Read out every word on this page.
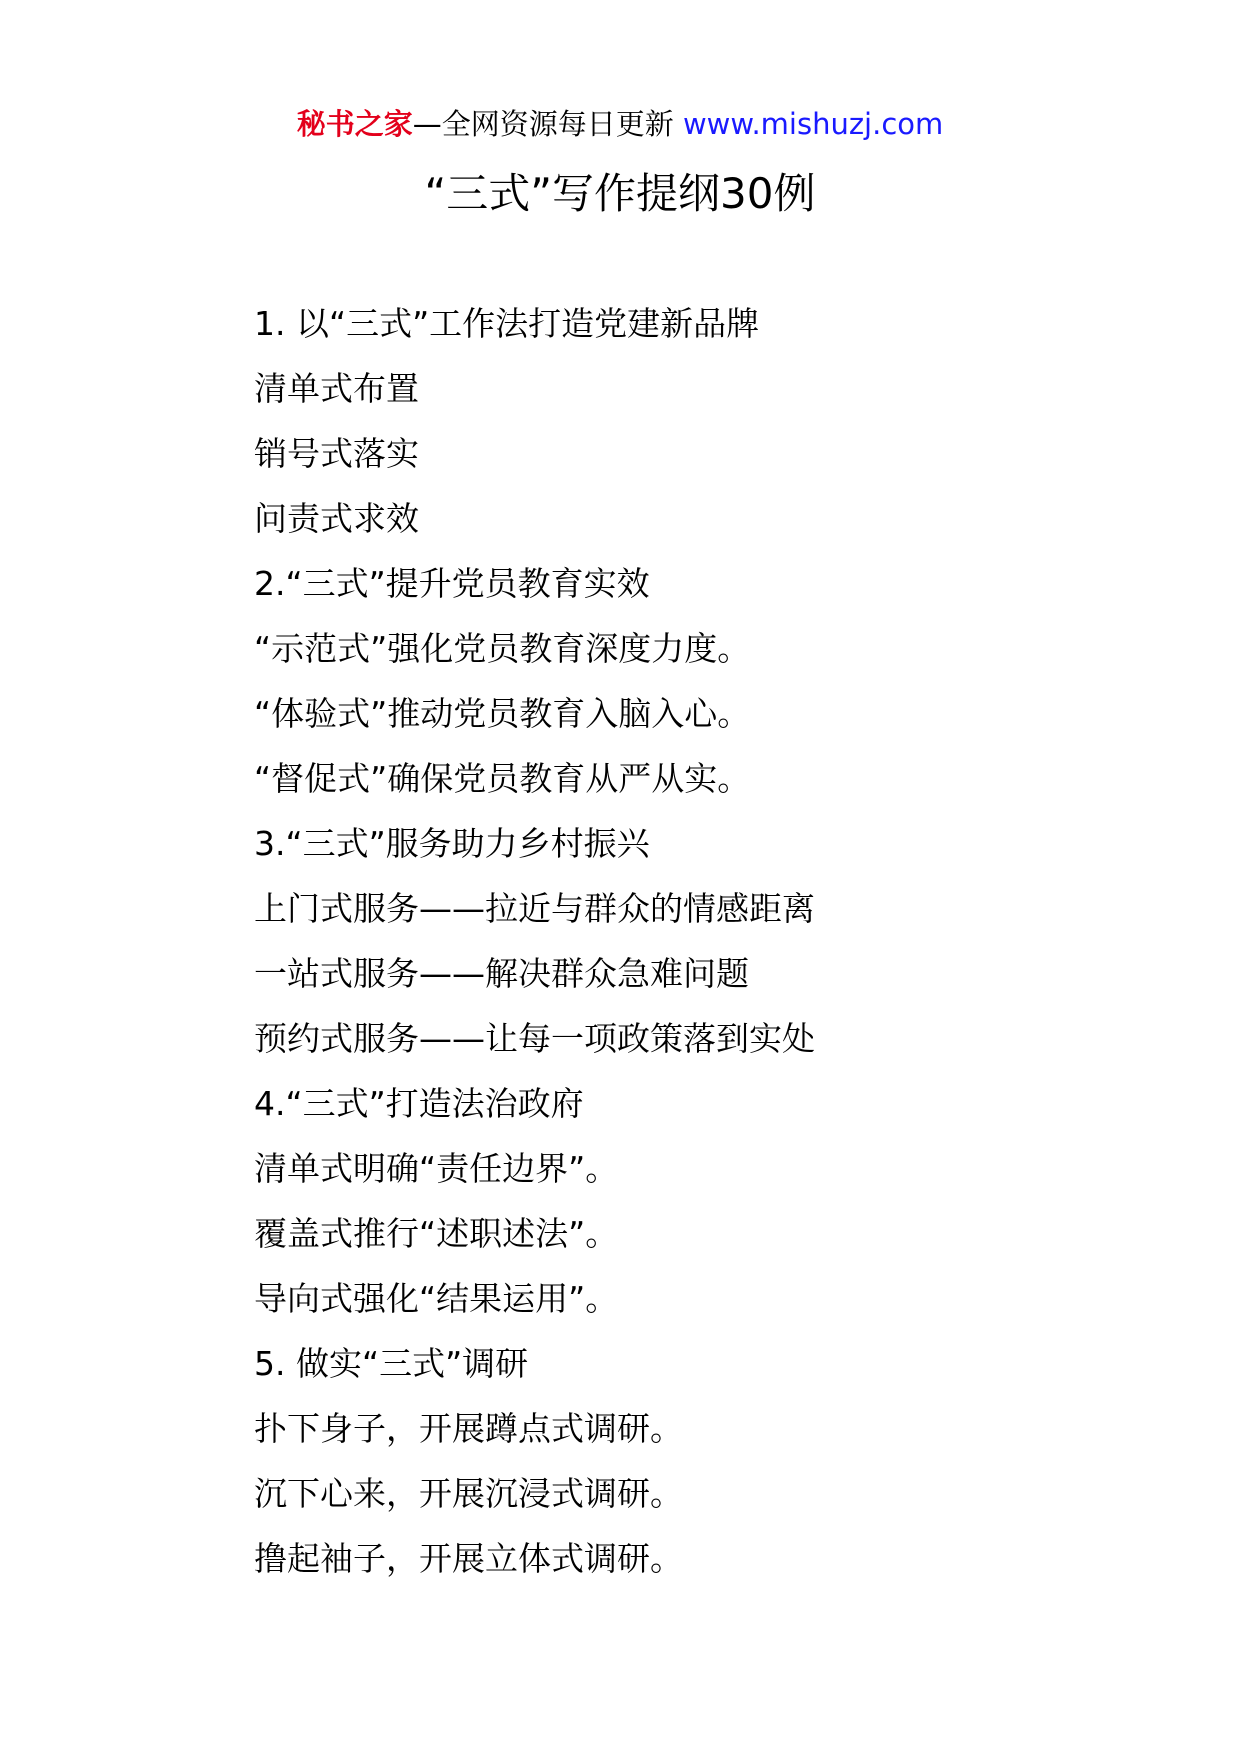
秘书之家—全网资源每日更新 www.mishuzj.com
“三式”写作提纲30例
1. 以“三式”工作法打造党建新品牌
清单式布置
销号式落实
问责式求效
2.“三式”提升党员教育实效
“示范式”强化党员教育深度力度。
“体验式”推动党员教育入脑入心。
“督促式”确保党员教育从严从实。
3.“三式”服务助力乡村振兴
上门式服务——拉近与群众的情感距离
一站式服务——解决群众急难问题
预约式服务——让每一项政策落到实处
4.“三式”打造法治政府
清单式明确“责任边界”。
覆盖式推行“述职述法”。
导向式强化“结果运用”。
5. 做实“三式”调研
扑下身子，开展蹲点式调研。
沉下心来，开展沉浸式调研。
撸起袖子，开展立体式调研。
